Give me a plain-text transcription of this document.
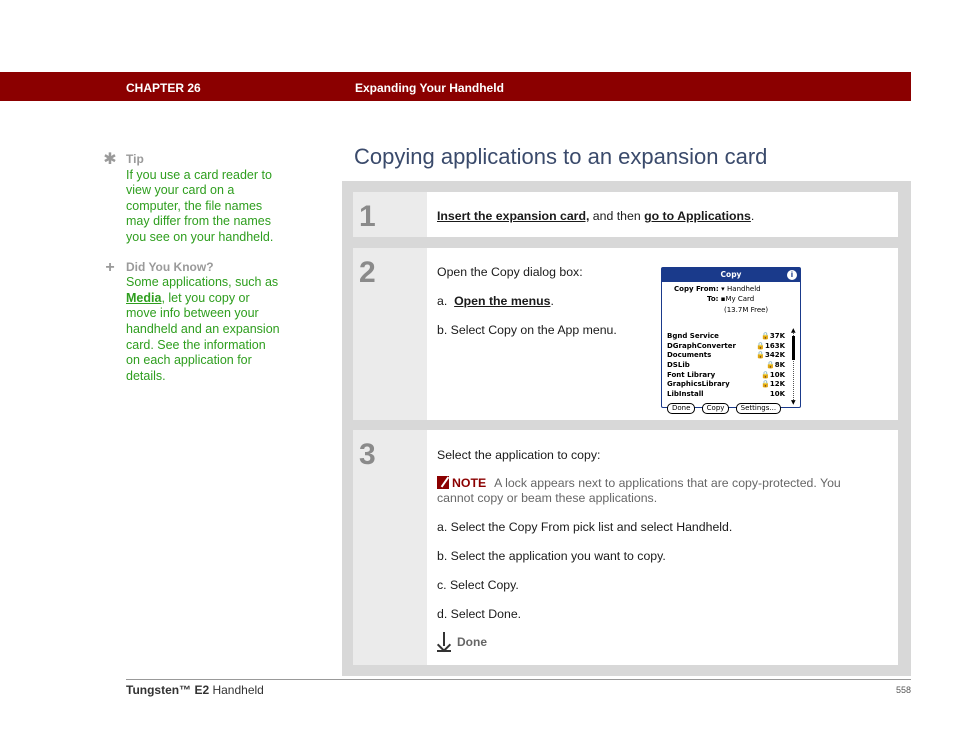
CHAPTER 26	Expanding Your Handheld
✱ Tip
If you use a card reader to view your card on a computer, the file names may differ from the names you see on your handheld.
+ Did You Know?
Some applications, such as Media, let you copy or move info between your handheld and an expansion card. See the information on each application for details.
Copying applications to an expansion card
1	Insert the expansion card, and then go to Applications.
2	Open the Copy dialog box:
a. Open the menus.
b. Select Copy on the App menu.
Copy	i
Copy From: ▾ Handheld
To: ▪My Card
(13.7M Free)
Bgnd Service	🔒37K
DGraphConverter	🔒163K
Documents	🔒342K
DSLib	🔒8K
Font Library	🔒10K
GraphicsLibrary	🔒12K
LibInstall	10K
▲
▼
Done Copy Settings...
3	Select the application to copy:
NOTE A lock appears next to applications that are copy-protected. You cannot copy or beam these applications.
a. Select the Copy From pick list and select Handheld.
b. Select the application you want to copy.
c. Select Copy.
d. Select Done.
Done
Tungsten™ E2 Handheld	558
